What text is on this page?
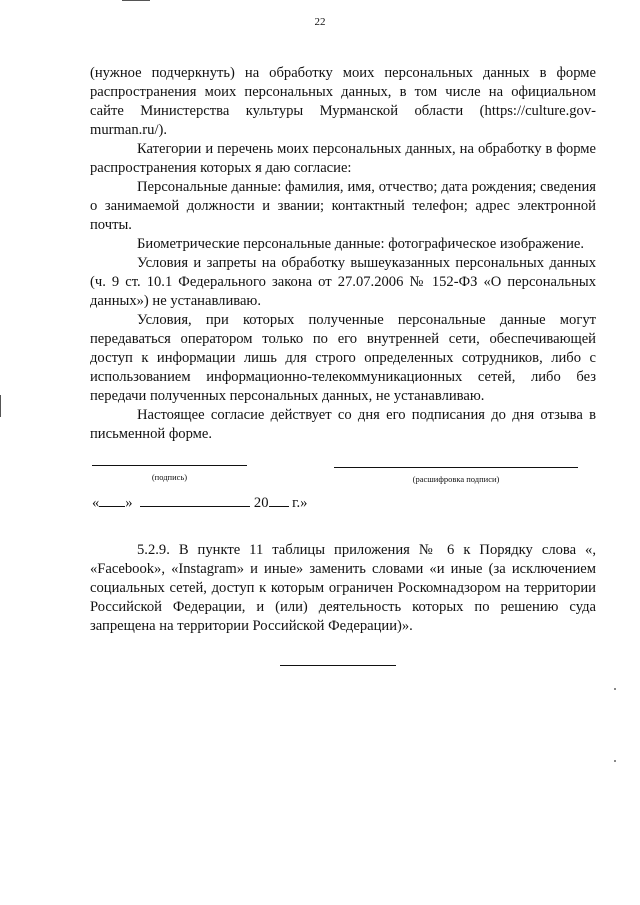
22

(нужное подчеркнуть) на обработку моих персональных данных в форме распространения моих персональных данных, в том числе на официальном сайте Министерства культуры Мурманской области (https://culture.gov-murman.ru/).

Категории и перечень моих персональных данных, на обработку в форме распространения которых я даю согласие:

Персональные данные: фамилия, имя, отчество; дата рождения; сведения о занимаемой должности и звании; контактный телефон; адрес электронной почты.

Биометрические персональные данные: фотографическое изображение.

Условия и запреты на обработку вышеуказанных персональных данных (ч. 9 ст. 10.1 Федерального закона от 27.07.2006 № 152-ФЗ «О персональных данных») не устанавливаю.

Условия, при которых полученные персональные данные могут передаваться оператором только по его внутренней сети, обеспечивающей доступ к информации лишь для строго определенных сотрудников, либо с использованием информационно-телекоммуникационных сетей, либо без передачи полученных персональных данных, не устанавливаю.

Настоящее согласие действует со дня его подписания до дня отзыва в письменной форме.

(подпись)	(расшифровка подписи)
« »	20 г.»

5.2.9. В пункте 11 таблицы приложения № 6 к Порядку слова «, «Facebook», «Instagram» и иные» заменить словами «и иные (за исключением социальных сетей, доступ к которым ограничен Роскомнадзором на территории Российской Федерации, и (или) деятельность которых по решению суда запрещена на территории Российской Федерации)».
